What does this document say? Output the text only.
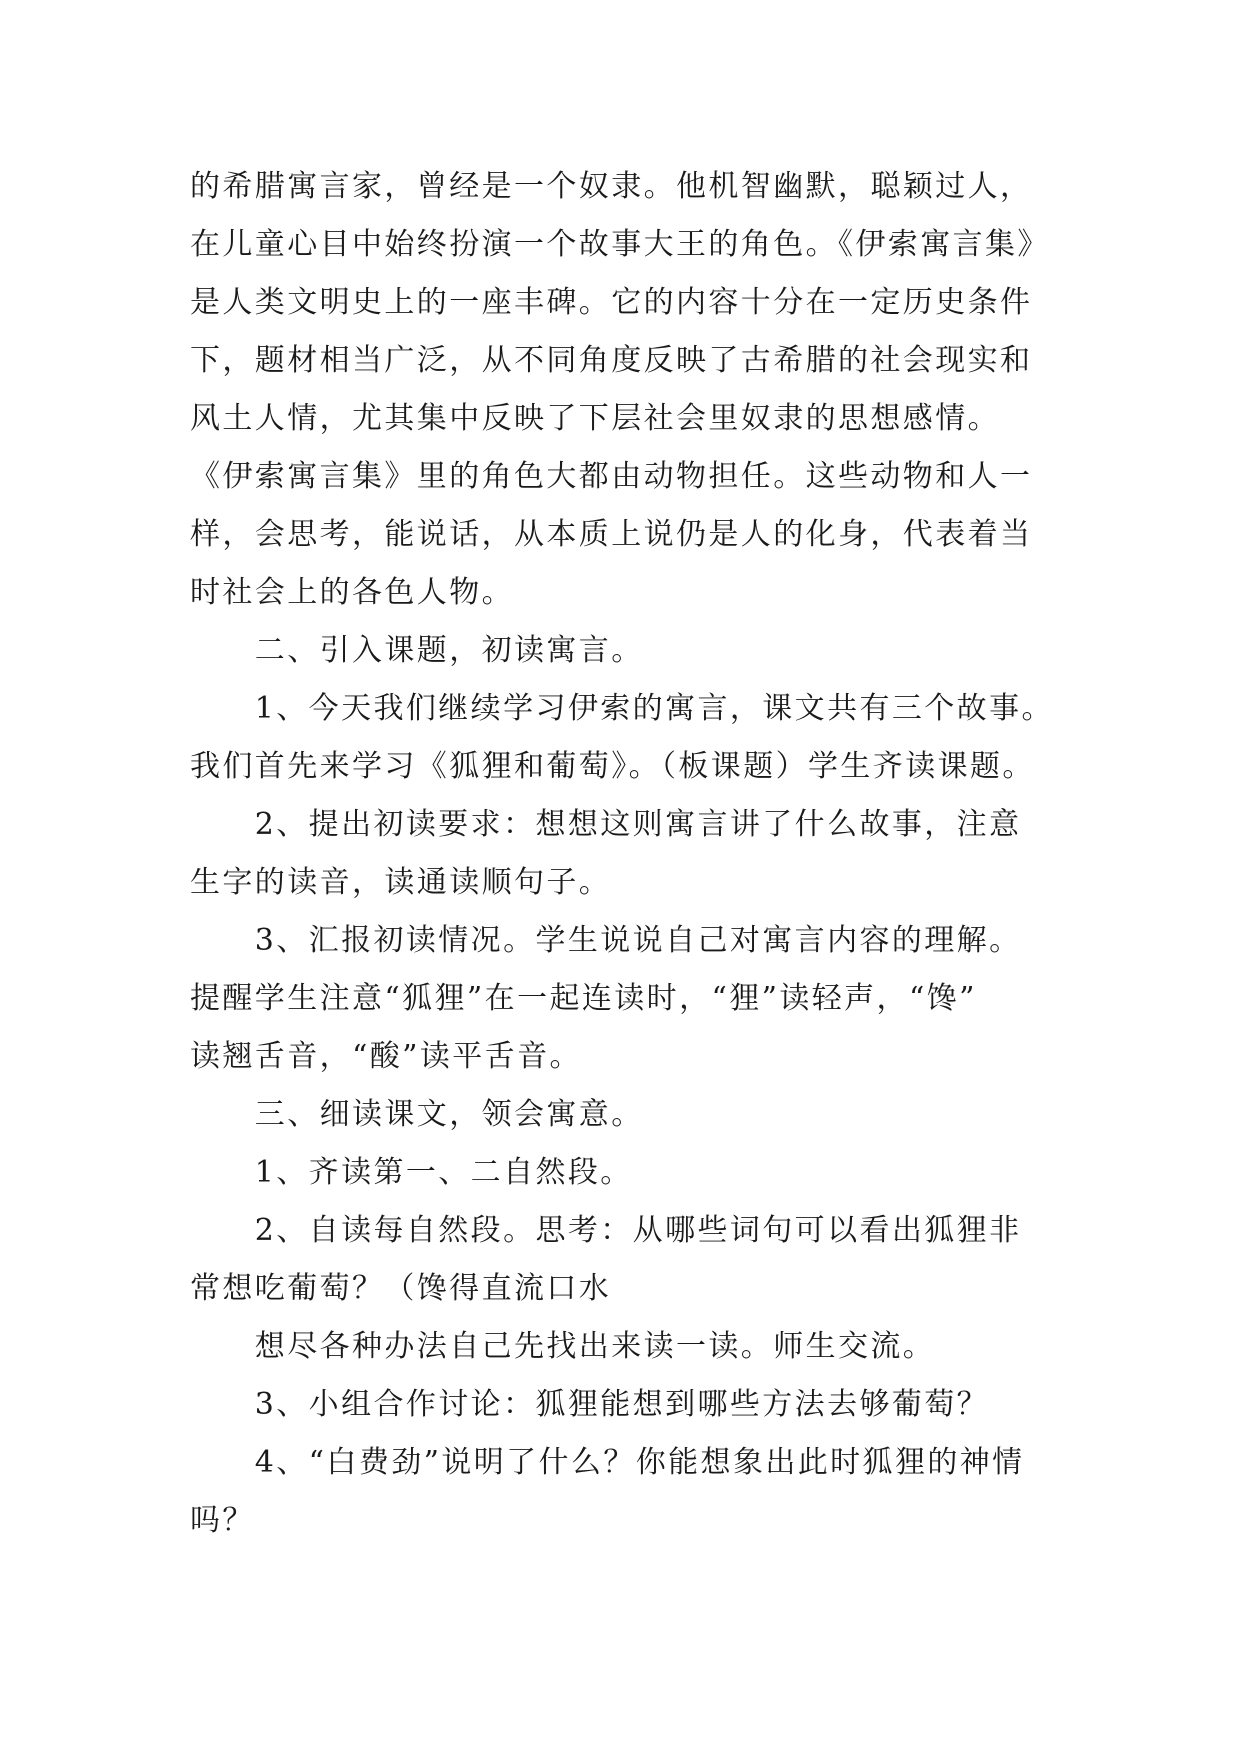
的希腊寓言家，曾经是一个奴隶。他机智幽默，聪颖过人，
在儿童心目中始终扮演一个故事大王的角色。《伊索寓言集》
是人类文明史上的一座丰碑。它的内容十分在一定历史条件
下，题材相当广泛，从不同角度反映了古希腊的社会现实和
风土人情，尤其集中反映了下层社会里奴隶的思想感情。
《伊索寓言集》里的角色大都由动物担任。这些动物和人一
样，会思考，能说话，从本质上说仍是人的化身，代表着当
时社会上的各色人物。
　　二、引入课题，初读寓言。
　　1、今天我们继续学习伊索的寓言，课文共有三个故事。
我们首先来学习《狐狸和葡萄》。（板课题）学生齐读课题。
　　2、提出初读要求：想想这则寓言讲了什么故事，注意
生字的读音，读通读顺句子。
　　3、汇报初读情况。学生说说自己对寓言内容的理解。
提醒学生注意“狐狸”在一起连读时，“狸”读轻声，“馋”
读翘舌音，“酸”读平舌音。
　　三、细读课文，领会寓意。
　　1、齐读第一、二自然段。
　　2、自读每自然段。思考：从哪些词句可以看出狐狸非
常想吃葡萄？（馋得直流口水
　　想尽各种办法自己先找出来读一读。师生交流。
　　3、小组合作讨论：狐狸能想到哪些方法去够葡萄？
　　4、“白费劲”说明了什么？你能想象出此时狐狸的神情
吗？
